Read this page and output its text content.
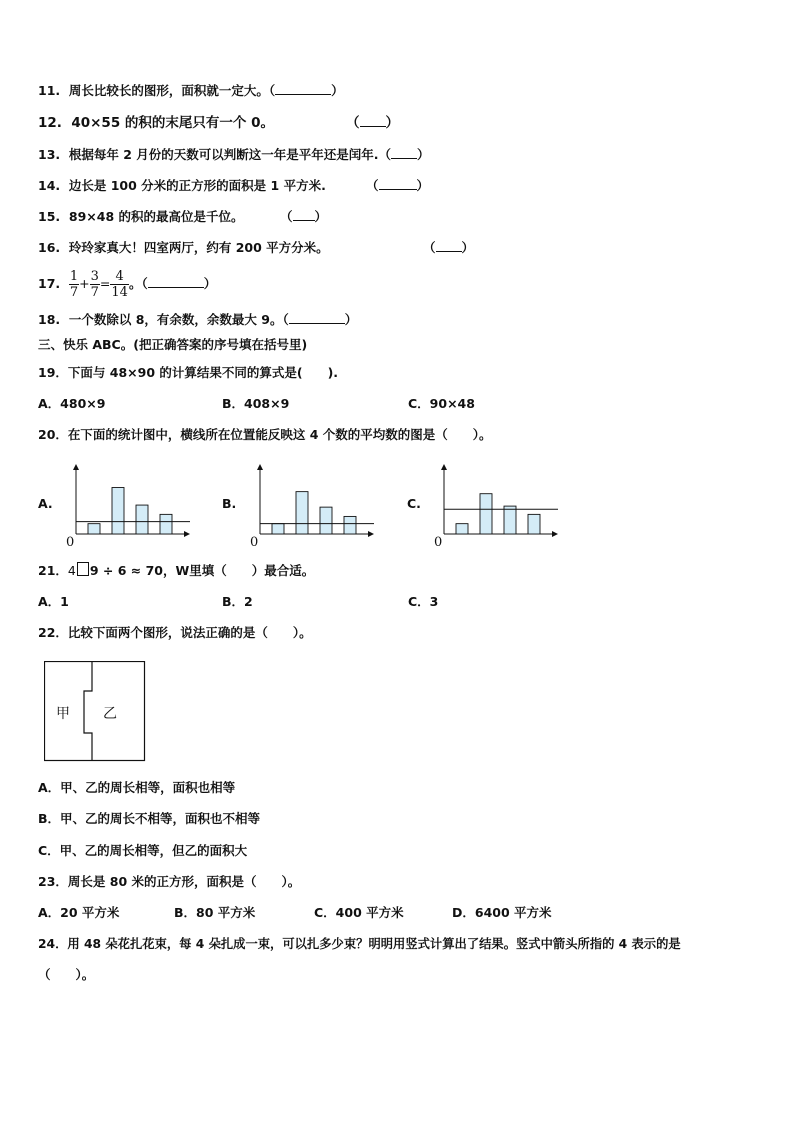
11. 周长比较长的图形，面积就一定大。（	）
12. 40×55 的积的末尾只有一个 0。	（ ）
13. 根据每年 2 月份的天数可以判断这一年是平年还是闰年.（ ）
14. 边长是 100 分米的正方形的面积是 1 平方米.	（	）
15. 89×48 的积的最高位是千位。	（ ）
16. 玲玲家真大！四室两厅，约有 200 平方分米。	（ ）
17. $\frac{1}{7} + \frac{3}{7} = \frac{4}{14}$ 。（	）
18. 一个数除以 8，有余数，余数最大 9。（	）
三、快乐 ABC。(把正确答案的序号填在括号里)
19．下面与 48×90 的计算结果不同的算式是(　　).
A．480×9	B．408×9	C．90×48
20．在下面的统计图中，横线所在位置能反映这 4 个数的平均数的图是（　　）。
A.	B.	C.
0	0	0
21．4 9 ÷ 6 ≈ 70，W里填（　　）最合适。
A．1	B．2	C．3
22．比较下面两个图形，说法正确的是（　　）。
甲 乙
A．甲、乙的周长相等，面积也相等
B．甲、乙的周长不相等，面积也不相等
C．甲、乙的周长相等，但乙的面积大
23．周长是 80 米的正方形，面积是（　　）。
A．20 平方米	B．80 平方米	C．400 平方米	D．6400 平方米
24．用 48 朵花扎花束，每 4 朵扎成一束，可以扎多少束？明明用竖式计算出了结果。竖式中箭头所指的 4 表示的是
（　　）。
